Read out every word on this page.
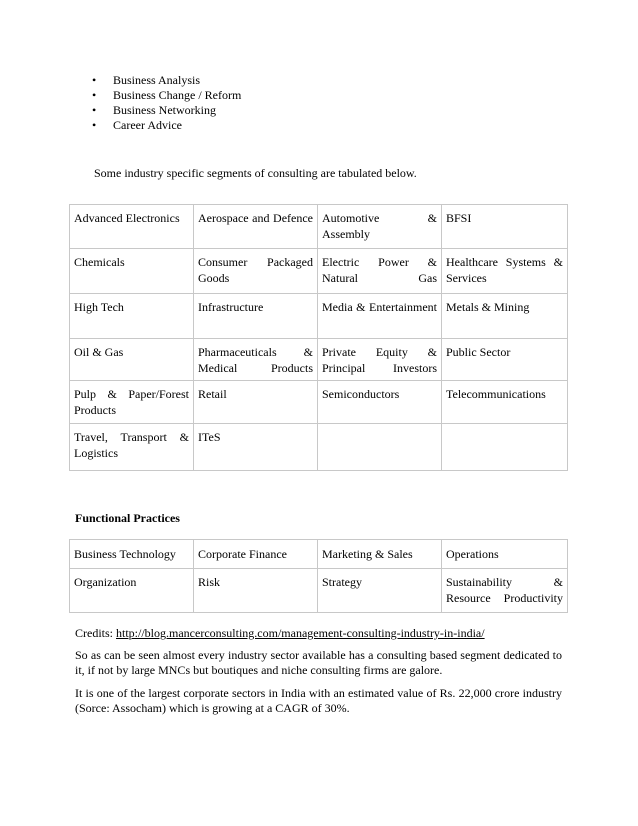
• Business Analysis
• Business Change / Reform
• Business Networking
• Career Advice
Some industry specific segments of consulting are tabulated below.
Advanced Electronics	Aerospace and Defence	Automotive & Assembly	BFSI
Chemicals	Consumer Packaged Goods	Electric Power & Natural Gas	Healthcare Systems & Services
High Tech	Infrastructure	Media & Entertainment	Metals & Mining
Oil & Gas	Pharmaceuticals & Medical Products	Private Equity & Principal Investors	Public Sector
Pulp & Paper/Forest Products	Retail	Semiconductors	Telecommunications
Travel, Transport & Logistics	ITeS		
Functional Practices
Business Technology	Corporate Finance	Marketing & Sales	Operations
Organization	Risk	Strategy	Sustainability & Resource Productivity
Credits: http://blog.mancerconsulting.com/management-consulting-industry-in-india/
So as can be seen almost every industry sector available has a consulting based segment dedicated to it, if not by large MNCs but boutiques and niche consulting firms are galore.
It is one of the largest corporate sectors in India with an estimated value of Rs. 22,000 crore industry (Sorce: Assocham) which is growing at a CAGR of 30%.
